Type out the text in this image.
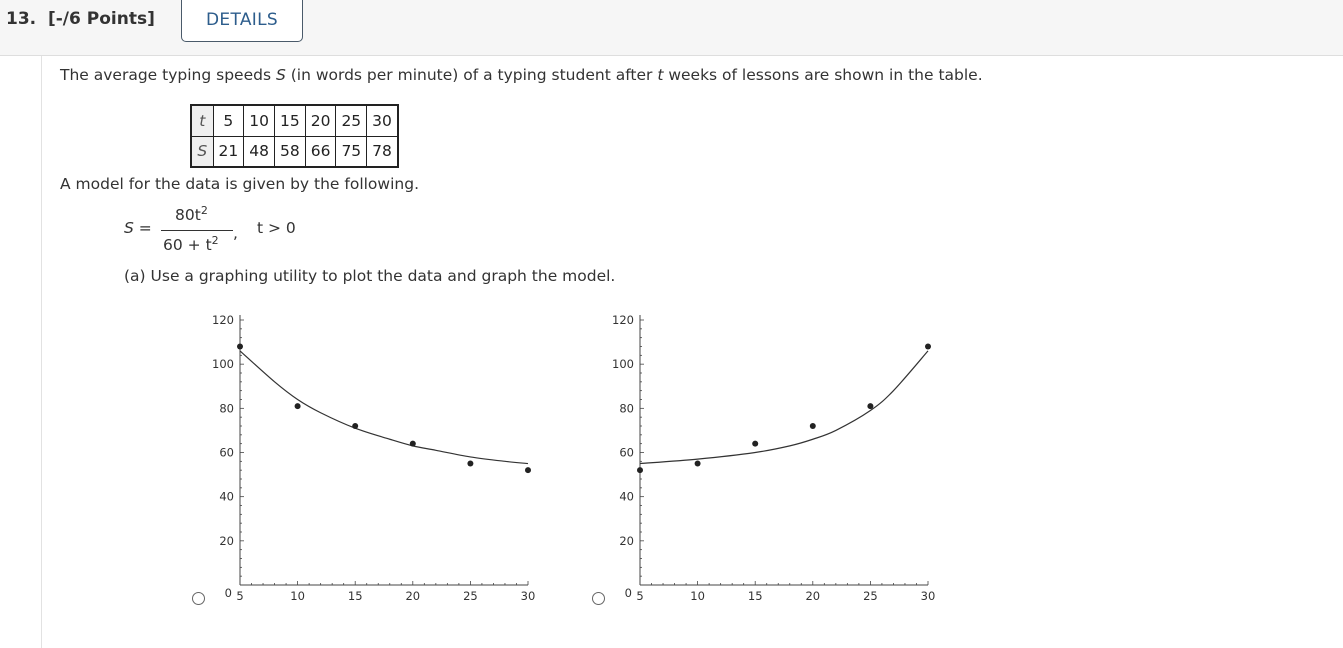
13. [-/6 Points]	DETAILS
The average typing speeds S (in words per minute) of a typing student after t weeks of lessons are shown in the table.
t	5	10	15	20	25	30
S	21	48	58	66	75	78
A model for the data is given by the following.
S =
$80t^2$
$60 + t^2$ , t > 0
(a) Use a graphing utility to plot the data and graph the model.
5	10	15	20	25	30
20
40
60
80
100
120
0	5	10	15	20	25	30
20
40
60
80
100
120
0
